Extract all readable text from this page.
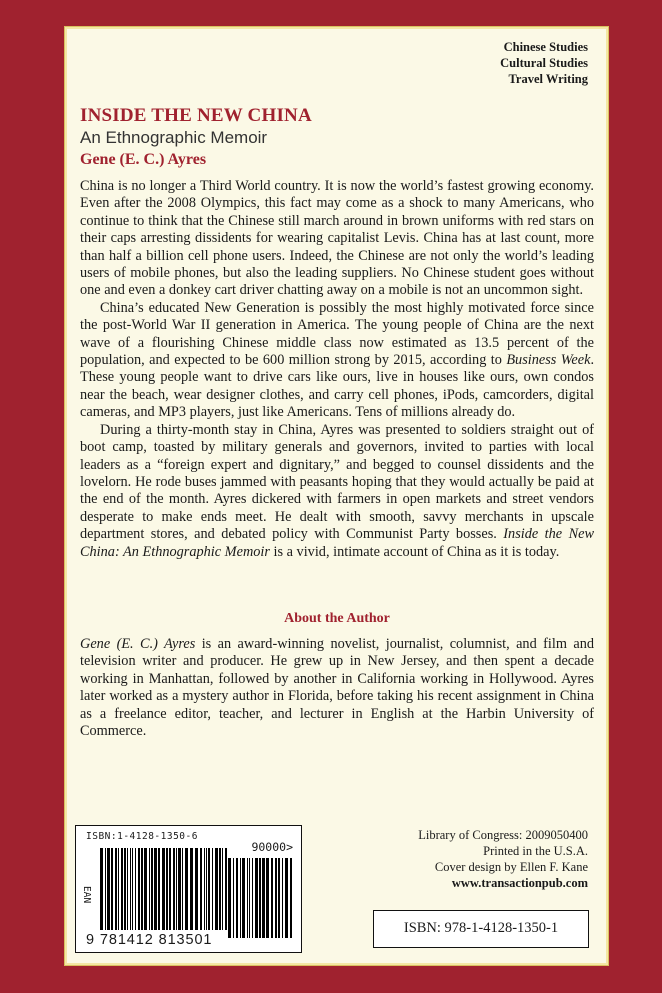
Chinese Studies
Cultural Studies
Travel Writing
INSIDE THE NEW CHINA
An Ethnographic Memoir
Gene (E. C.) Ayres

China is no longer a Third World country. It is now the world’s fastest growing economy. Even after the 2008 Olympics, this fact may come as a shock to many Americans, who continue to think that the Chinese still march around in brown uniforms with red stars on their caps arresting dissidents for wearing capitalist Levis. China has at last count, more than half a billion cell phone users. Indeed, the Chinese are not only the world’s leading users of mobile phones, but also the leading suppliers. No Chinese student goes without one and even a donkey cart driver chatting away on a mobile is not an uncommon sight.

China’s educated New Generation is possibly the most highly motivated force since the post-World War II generation in America. The young people of China are the next wave of a flourishing Chinese middle class now estimated as 13.5 percent of the population, and expected to be 600 million strong by 2015, according to Business Week. These young people want to drive cars like ours, live in houses like ours, own condos near the beach, wear designer clothes, and carry cell phones, iPods, camcorders, digital cameras, and MP3 players, just like Americans. Tens of millions already do.

During a thirty-month stay in China, Ayres was presented to soldiers straight out of boot camp, toasted by military generals and governors, invited to parties with local leaders as a “foreign expert and dignitary,” and begged to counsel dissidents and the lovelorn. He rode buses jammed with peasants hoping that they would actually be paid at the end of the month. Ayres dickered with farmers in open markets and street vendors desperate to make ends meet. He dealt with smooth, savvy merchants in upscale department stores, and debated policy with Communist Party bosses. Inside the New China: An Ethnographic Memoir is a vivid, intimate account of China as it is today.

About the Author
Gene (E. C.) Ayres is an award-winning novelist, journalist, columnist, and film and television writer and producer. He grew up in New Jersey, and then spent a decade working in Manhattan, followed by another in California working in Hollywood. Ayres later worked as a mystery author in Florida, before taking his recent assignment in China as a freelance editor, teacher, and lecturer in English at the Harbin University of Commerce.
ISBN:1-4128-1350-6
EAN
90000>
9 781412 813501
Library of Congress: 2009050400
Printed in the U.S.A.
Cover design by Ellen F. Kane
www.transactionpub.com
ISBN: 978-1-4128-1350-1
